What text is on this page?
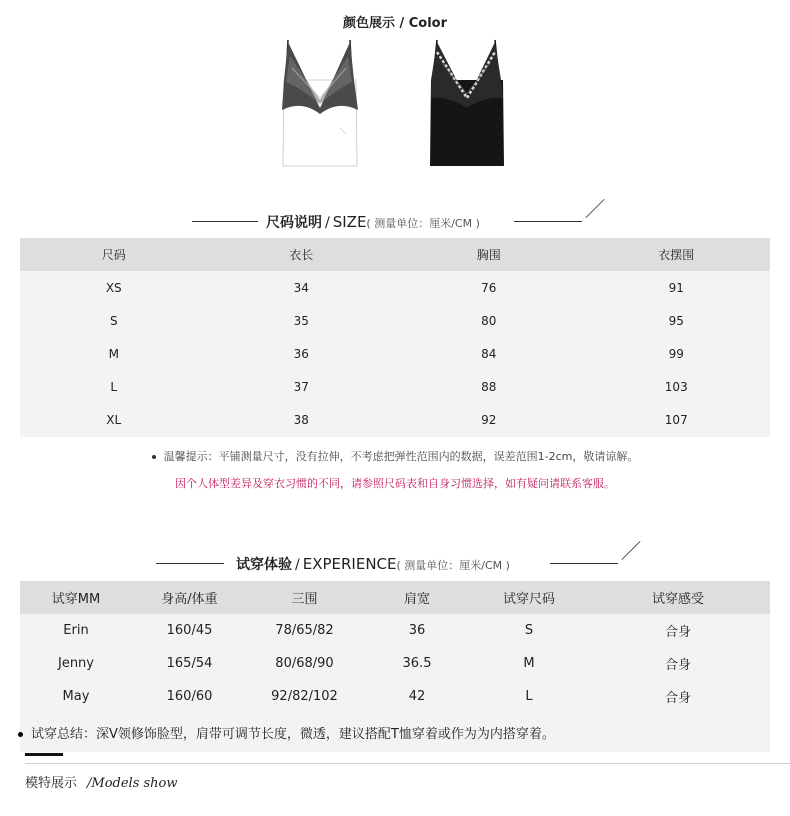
颜色展示 / Color
尺码说明 / SIZE( 测量单位：厘米/CM )
尺码	衣长	胸围	衣摆围
XS	34	76	91
S	35	80	95
M	36	84	99
L	37	88	103
XL	38	92	107
温馨提示：平铺测量尺寸，没有拉伸，不考虑把弹性范围内的数据，误差范围1-2cm，敬请谅解。
因个人体型差异及穿衣习惯的不同，请参照尺码表和自身习惯选择，如有疑问请联系客服。
试穿体验 / EXPERIENCE( 测量单位：厘米/CM )
试穿MM	身高/体重	三围	肩宽	试穿尺码	试穿感受
Erin	160/45	78/65/82	36	S	合身
Jenny	165/54	80/68/90	36.5	M	合身
May	160/60	92/82/102	42	L	合身
试穿总结：深V领修饰脸型，肩带可调节长度，微透，建议搭配T恤穿着或作为为内搭穿着。					
模特展示 /Models show
